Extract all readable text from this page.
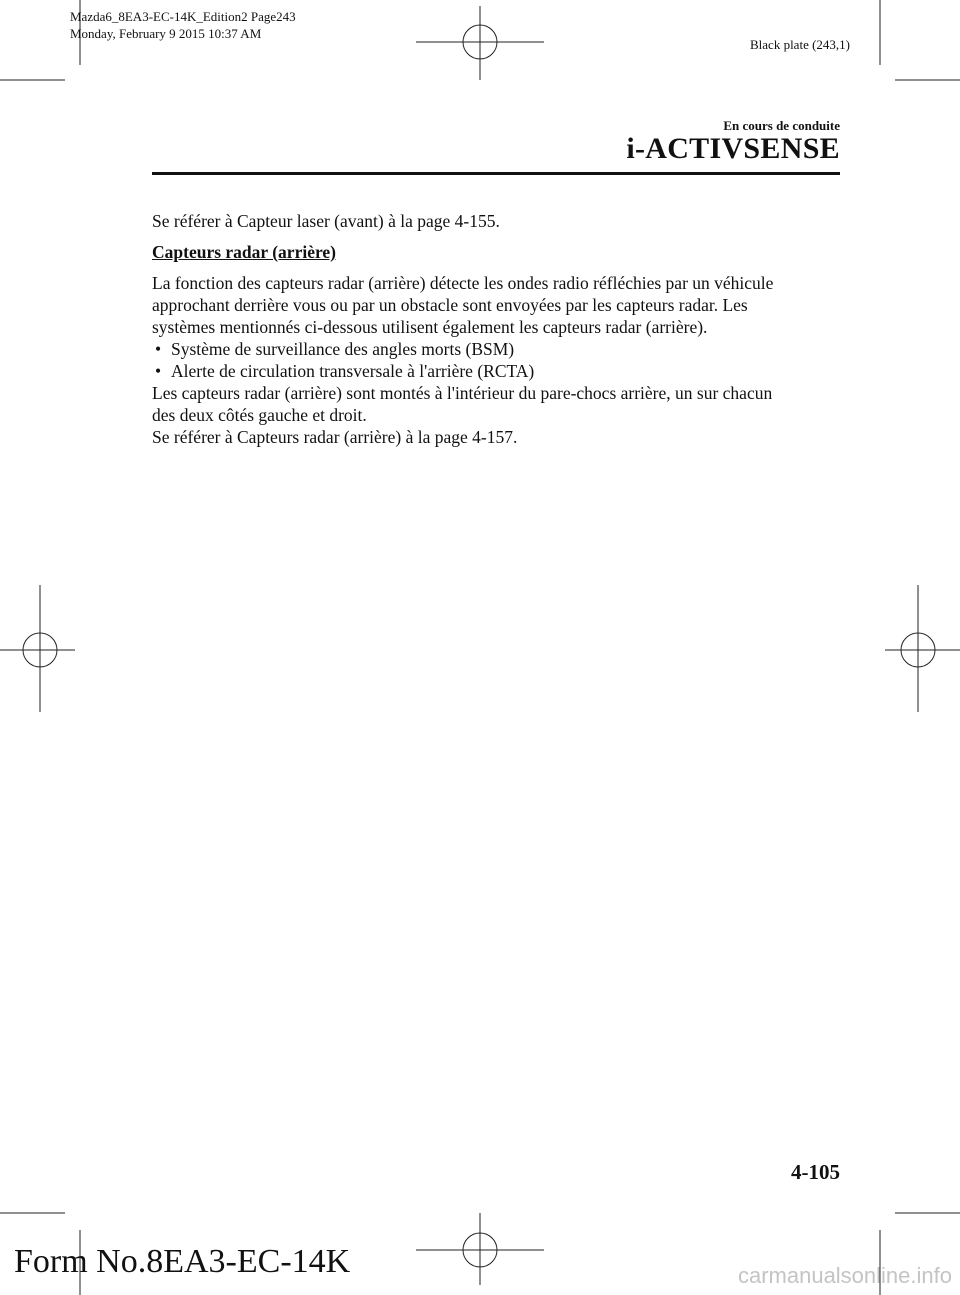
Mazda6_8EA3-EC-14K_Edition2 Page243
Monday, February 9 2015 10:37 AM
Black plate (243,1)
En cours de conduite
i-ACTIVSENSE

Se référer à Capteur laser (avant) à la page 4-155.

Capteurs radar (arrière)

La fonction des capteurs radar (arrière) détecte les ondes radio réfléchies par un véhicule

approchant derrière vous ou par un obstacle sont envoyées par les capteurs radar. Les

systèmes mentionnés ci-dessous utilisent également les capteurs radar (arrière).

• Système de surveillance des angles morts (BSM)
• Alerte de circulation transversale à l'arrière (RCTA)

Les capteurs radar (arrière) sont montés à l'intérieur du pare-chocs arrière, un sur chacun

des deux côtés gauche et droit.

Se référer à Capteurs radar (arrière) à la page 4-157.

4-105
Form No.8EA3-EC-14K	carmanualsonline.info
